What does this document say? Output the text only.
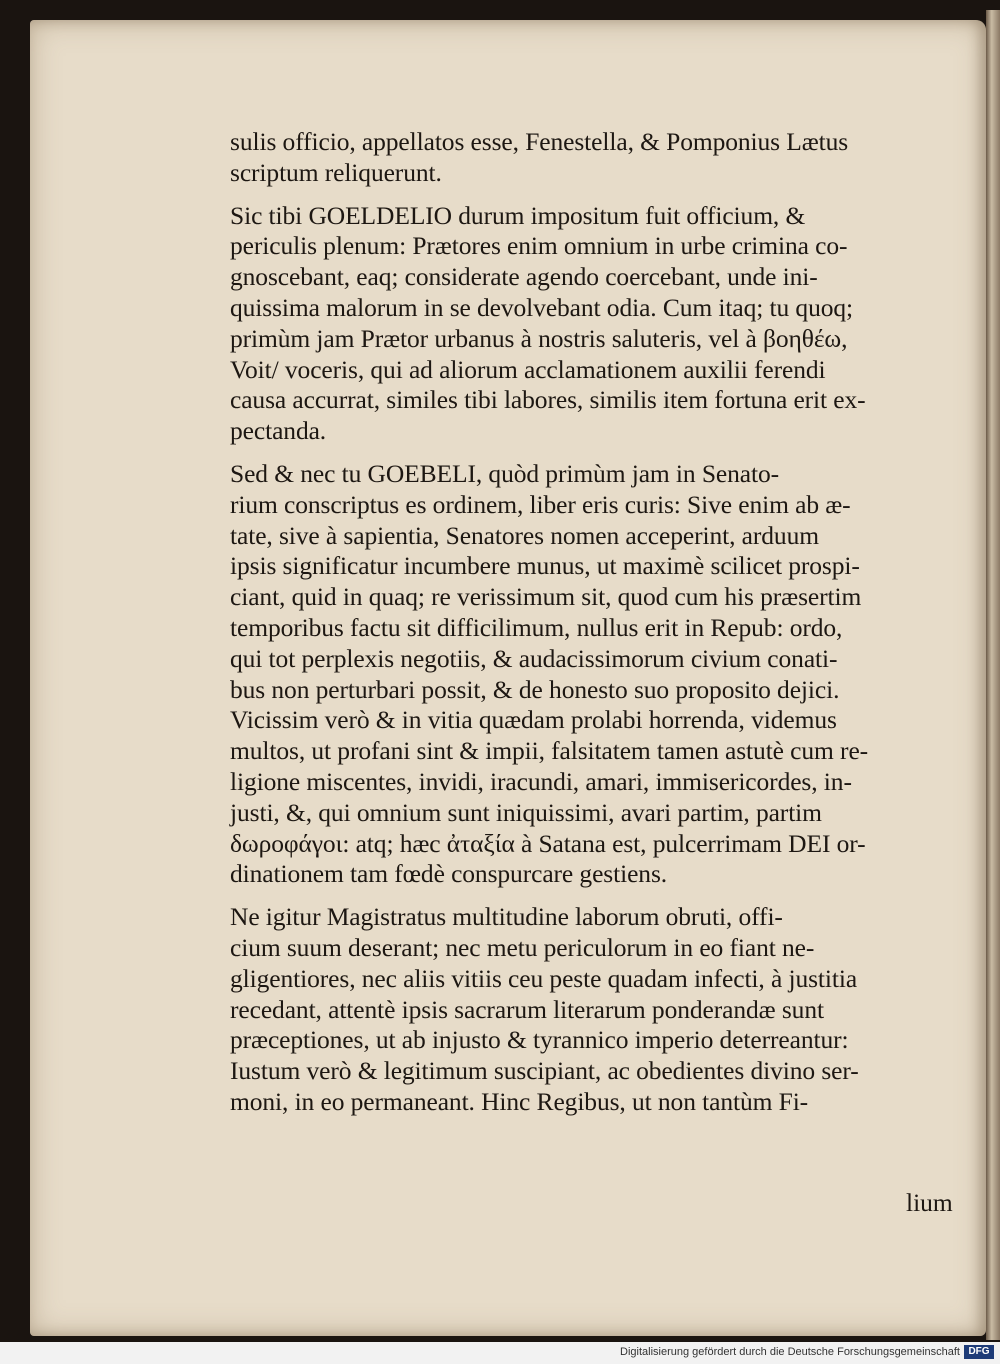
sulis officio, appellatos esse, Fenestella, & Pomponius Lætus
scriptum reliquerunt.
Sic tibi GOELDELIO durum impositum fuit officium, &
periculis plenum: Prætores enim omnium in urbe crimina co-
gnoscebant, eaq; considerate agendo coercebant, unde ini-
quissima malorum in se devolvebant odia. Cum itaq; tu quoq;
primùm jam Prætor urbanus à nostris saluteris, vel à βοηθέω,
Voit/ voceris, qui ad aliorum acclamationem auxilii ferendi
causa accurrat, similes tibi labores, similis item fortuna erit ex-
pectanda.
Sed & nec tu GOEBELI, quòd primùm jam in Senato-
rium conscriptus es ordinem, liber eris curis: Sive enim ab æ-
tate, sive à sapientia, Senatores nomen acceperint, arduum
ipsis significatur incumbere munus, ut maximè scilicet prospi-
ciant, quid in quaq; re verissimum sit, quod cum his præsertim
temporibus factu sit difficilimum, nullus erit in Repub: ordo,
qui tot perplexis negotiis, & audacissimorum civium conati-
bus non perturbari possit, & de honesto suo proposito dejici.
Vicissim verò & in vitia quædam prolabi horrenda, videmus
multos, ut profani sint & impii, falsitatem tamen astutè cum re-
ligione miscentes, invidi, iracundi, amari, immisericordes, in-
justi, &, qui omnium sunt iniquissimi, avari partim, partim
δωροφάγοι: atq; hæc ἀταξία à Satana est, pulcerrimam DEI or-
dinationem tam fœdè conspurcare gestiens.
Ne igitur Magistratus multitudine laborum obruti, offi-
cium suum deserant; nec metu periculorum in eo fiant ne-
gligentiores, nec aliis vitiis ceu peste quadam infecti, à justitia
recedant, attentè ipsis sacrarum literarum ponderandæ sunt
præceptiones, ut ab injusto & tyrannico imperio deterreantur:
Iustum verò & legitimum suscipiant, ac obedientes divino ser-
moni, in eo permaneant. Hinc Regibus, ut non tantùm Fi-
lium
Digitalisierung gefördert durch die Deutsche Forschungsgemeinschaft DFG
